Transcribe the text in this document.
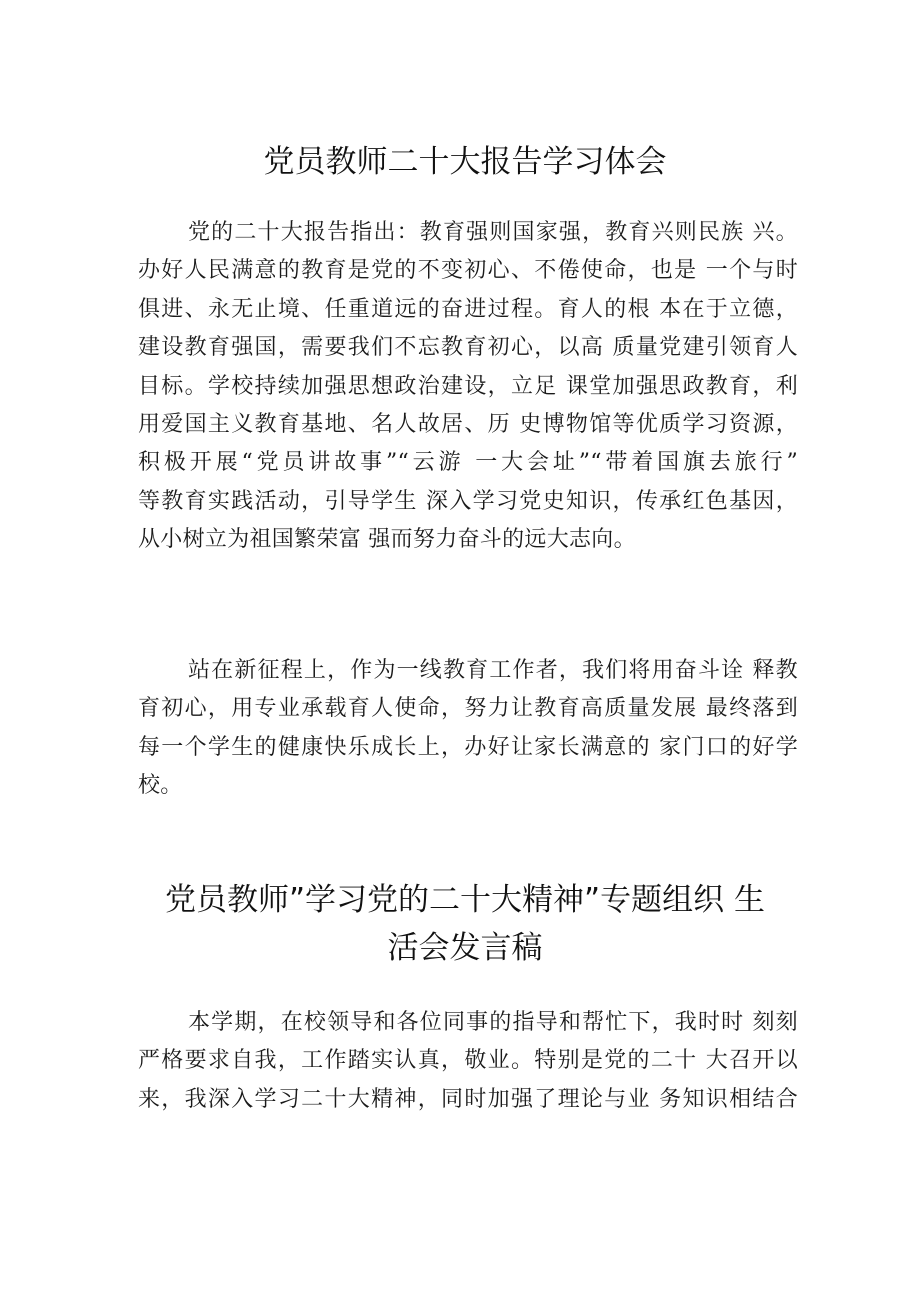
党员教师二十大报告学习体会
党的二十大报告指出：教育强则国家强，教育兴则民族 兴。
办好人民满意的教育是党的不变初心、不倦使命，也是 一个与时
俱进、永无止境、任重道远的奋进过程。育人的根 本在于立德，
建设教育强国，需要我们不忘教育初心，以高 质量党建引领育人
目标。学校持续加强思想政治建设，立足 课堂加强思政教育，利
用爱国主义教育基地、名人故居、历 史博物馆等优质学习资源，
积极开展“党员讲故事”“云游 一大会址”“带着国旗去旅行”
等教育实践活动，引导学生 深入学习党史知识，传承红色基因，
从小树立为祖国繁荣富 强而努力奋斗的远大志向。
站在新征程上，作为一线教育工作者，我们将用奋斗诠 释教
育初心，用专业承载育人使命，努力让教育高质量发展 最终落到
每一个学生的健康快乐成长上，办好让家长满意的 家门口的好学
校。
党员教师”学习党的二十大精神”专题组织 生
活会发言稿
本学期，在校领导和各位同事的指导和帮忙下，我时时 刻刻
严格要求自我，工作踏实认真，敬业。特别是党的二十 大召开以
来，我深入学习二十大精神，同时加强了理论与业 务知识相结合
